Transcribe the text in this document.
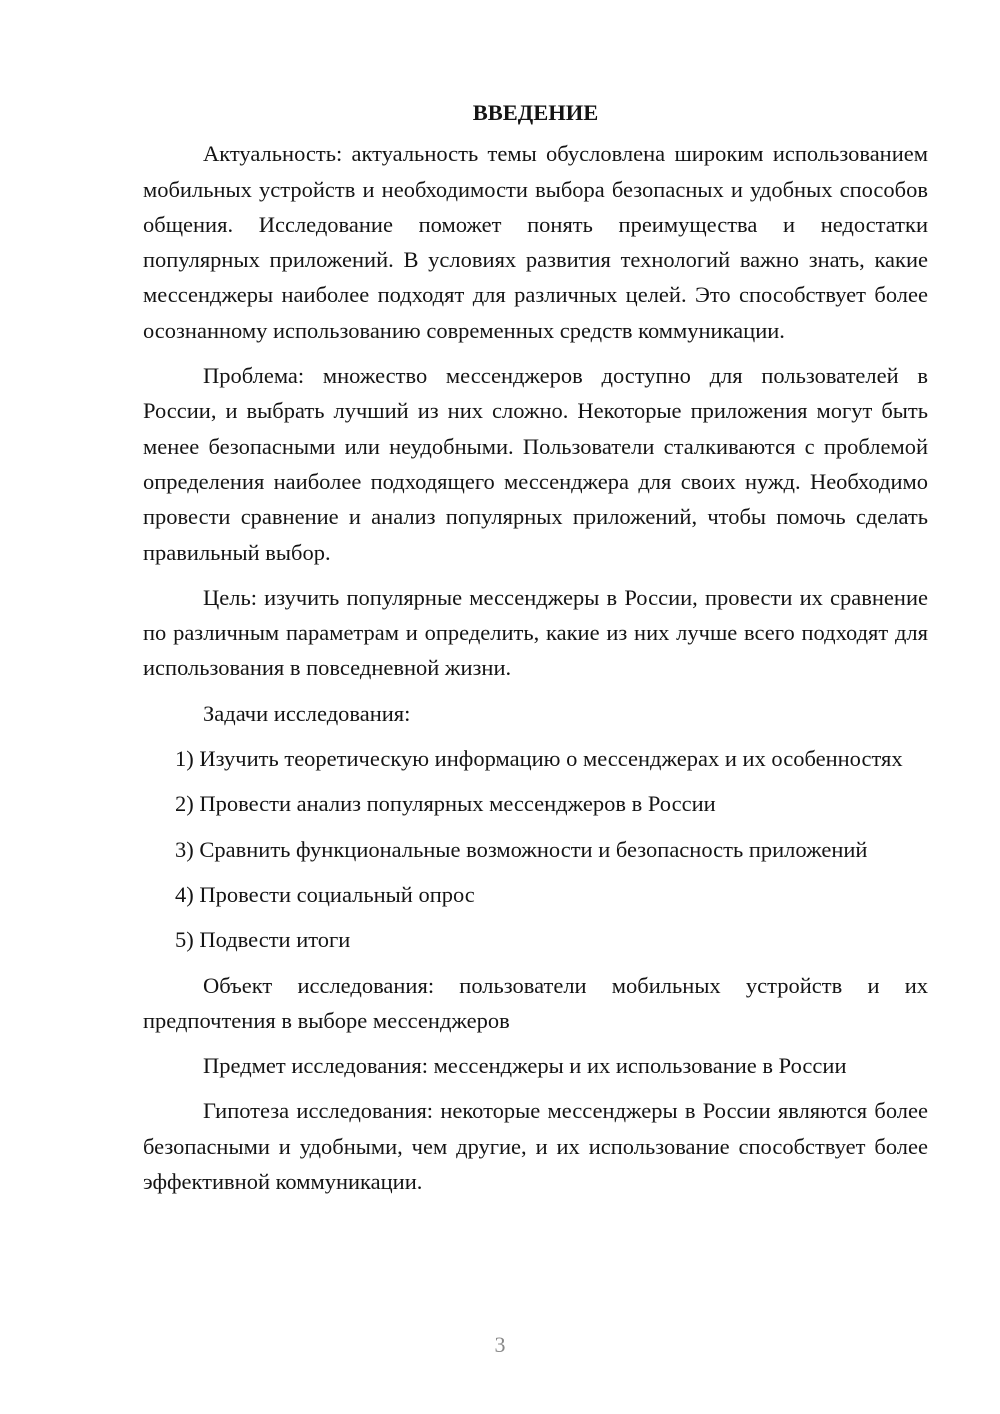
ВВЕДЕНИЕ

Актуальность: актуальность темы обусловлена широким использованием мобильных устройств и необходимости выбора безопасных и удобных способов общения. Исследование поможет понять преимущества и недостатки популярных приложений. В условиях развития технологий важно знать, какие мессенджеры наиболее подходят для различных целей. Это способствует более осознанному использованию современных средств коммуникации.

Проблема: множество мессенджеров доступно для пользователей в России, и выбрать лучший из них сложно. Некоторые приложения могут быть менее безопасными или неудобными. Пользователи сталкиваются с проблемой определения наиболее подходящего мессенджера для своих нужд. Необходимо провести сравнение и анализ популярных приложений, чтобы помочь сделать правильный выбор.

Цель: изучить популярные мессенджеры в России, провести их сравнение по различным параметрам и определить, какие из них лучше всего подходят для использования в повседневной жизни.

Задачи исследования:

1) Изучить теоретическую информацию о мессенджерах и их особенностях

2) Провести анализ популярных мессенджеров в России

3) Сравнить функциональные возможности и безопасность приложений

4) Провести социальный опрос

5) Подвести итоги

Объект исследования: пользователи мобильных устройств и их предпочтения в выборе мессенджеров

Предмет исследования: мессенджеры и их использование в России

Гипотеза исследования: некоторые мессенджеры в России являются более безопасными и удобными, чем другие, и их использование способствует более эффективной коммуникации.

3
